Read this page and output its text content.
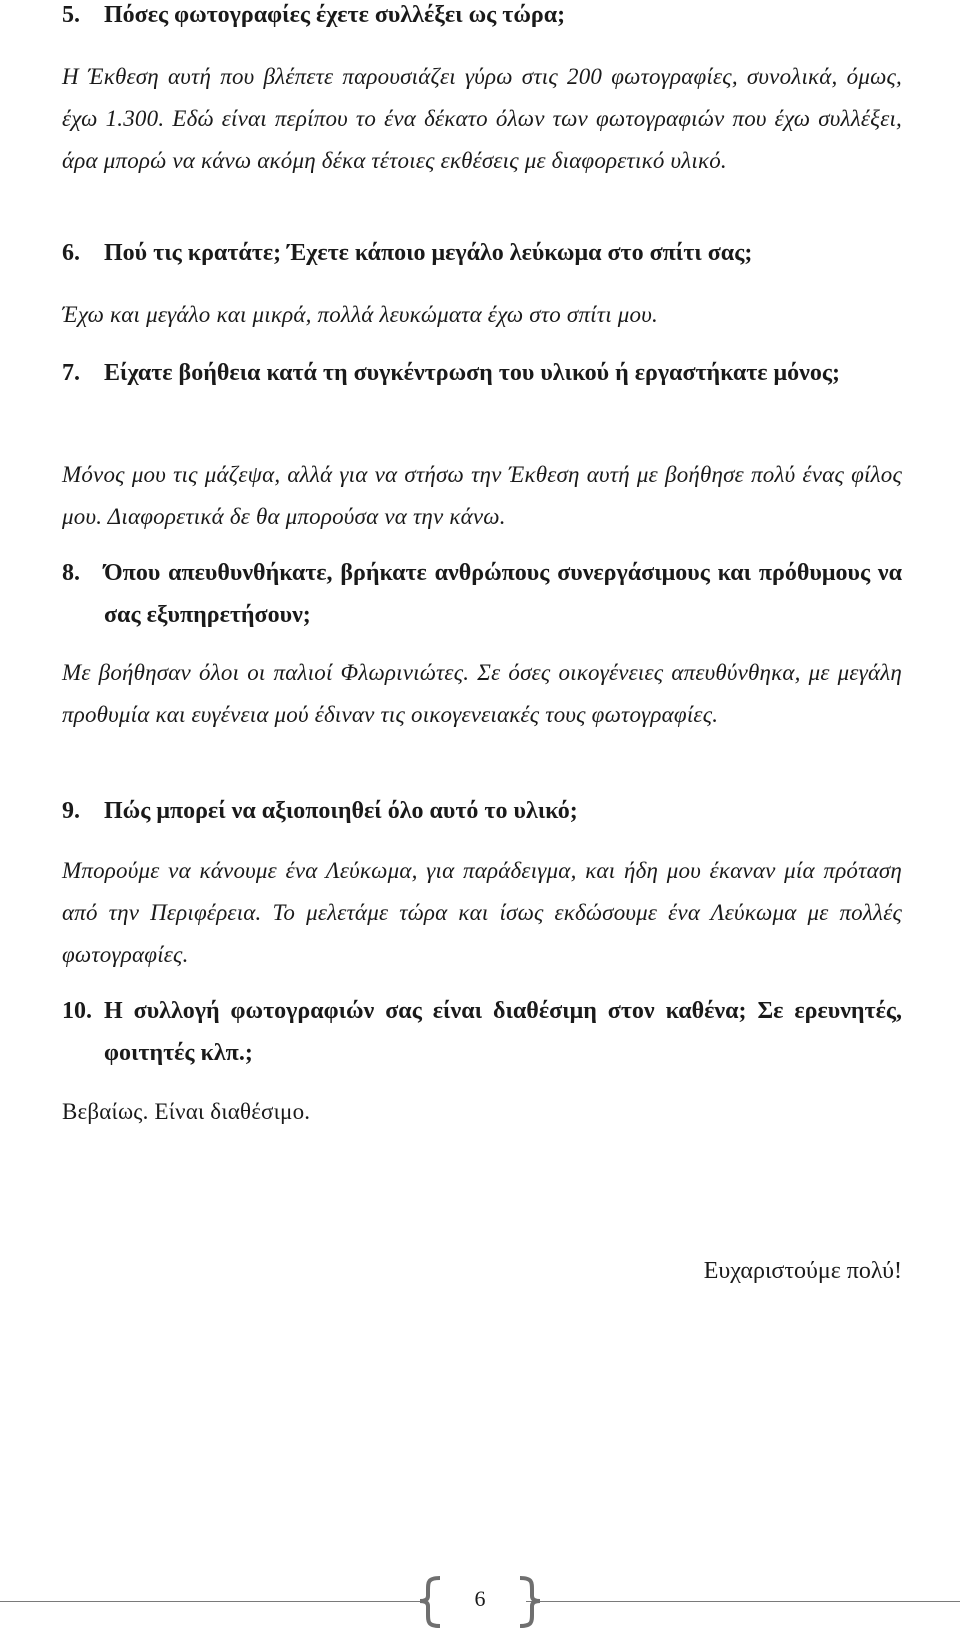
5.	Πόσες φωτογραφίες έχετε συλλέξει ως τώρα;

Η Έκθεση αυτή που βλέπετε παρουσιάζει γύρω στις 200 φωτογραφίες, συνολικά, όμως, έχω 1.300. Εδώ είναι περίπου το ένα δέκατο όλων των φωτογραφιών που έχω συλλέξει, άρα μπορώ να κάνω ακόμη δέκα τέτοιες εκθέσεις με διαφορετικό υλικό.

6.	Πού τις κρατάτε; Έχετε κάποιο μεγάλο λεύκωμα στο σπίτι σας;

Έχω και μεγάλο και μικρά, πολλά λευκώματα έχω στο σπίτι μου.

7.	Είχατε βοήθεια κατά τη συγκέντρωση του υλικού ή εργαστήκατε μόνος;

Μόνος μου τις μάζεψα, αλλά για να στήσω την Έκθεση αυτή με βοήθησε πολύ ένας φίλος μου. Διαφορετικά δε θα μπορούσα να την κάνω.

8.	Όπου απευθυνθήκατε, βρήκατε ανθρώπους συνεργάσιμους και πρόθυμους να σας εξυπηρετήσουν;

Με βοήθησαν όλοι οι παλιοί Φλωρινιώτες. Σε όσες οικογένειες απευθύνθηκα, με μεγάλη προθυμία και ευγένεια μού έδιναν τις οικογενειακές τους φωτογραφίες.

9.	Πώς μπορεί να αξιοποιηθεί όλο αυτό το υλικό;

Μπορούμε να κάνουμε ένα Λεύκωμα, για παράδειγμα, και ήδη μου έκαναν μία πρόταση από την Περιφέρεια. Το μελετάμε τώρα και ίσως εκδώσουμε ένα Λεύκωμα με πολλές φωτογραφίες.

10. Η συλλογή φωτογραφιών σας είναι διαθέσιμη στον καθένα; Σε ερευνητές, φοιτητές κλπ.;

Βεβαίως. Είναι διαθέσιμο.

Ευχαριστούμε πολύ!
6
